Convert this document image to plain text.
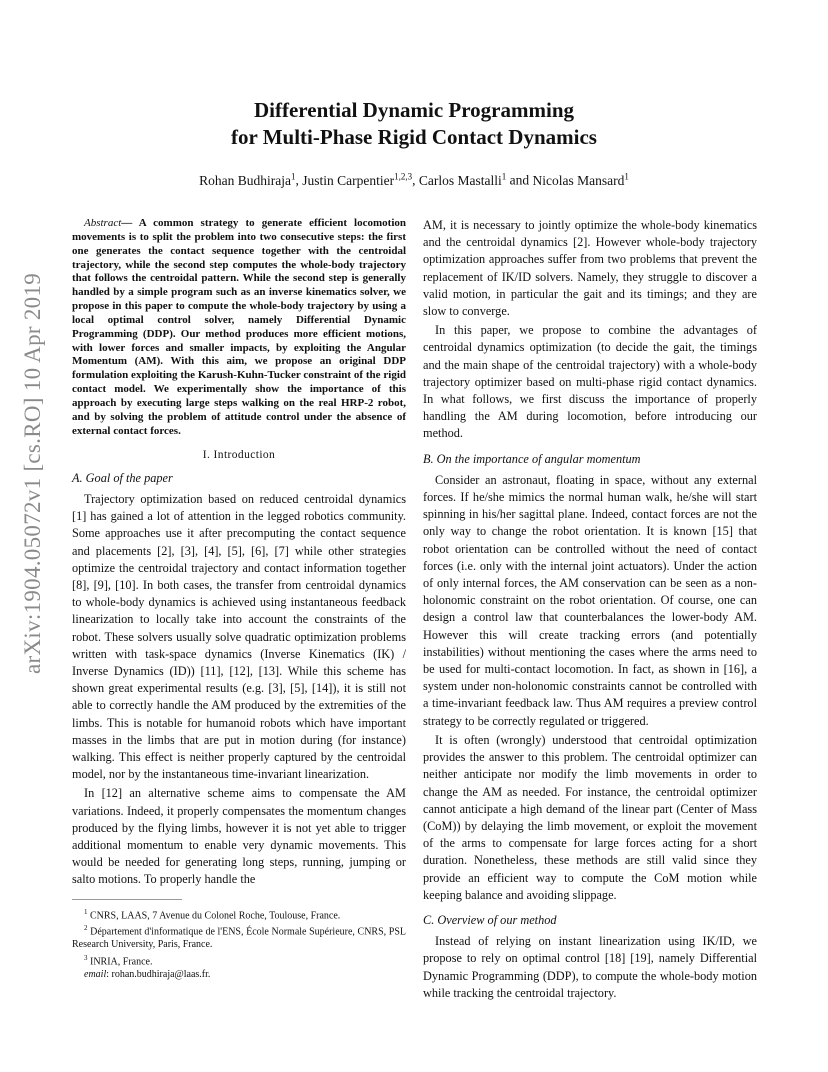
arXiv:1904.05072v1 [cs.RO] 10 Apr 2019
Differential Dynamic Programming
for Multi-Phase Rigid Contact Dynamics
Rohan Budhiraja$^1$, Justin Carpentier$^{1,2,3}$, Carlos Mastalli$^1$ and Nicolas Mansard$^1$
Abstract— A common strategy to generate efficient locomotion movements is to split the problem into two consecutive steps: the first one generates the contact sequence together with the centroidal trajectory, while the second step computes the whole-body trajectory that follows the centroidal pattern. While the second step is generally handled by a simple program such as an inverse kinematics solver, we propose in this paper to compute the whole-body trajectory by using a local optimal control solver, namely Differential Dynamic Programming (DDP). Our method produces more efficient motions, with lower forces and smaller impacts, by exploiting the Angular Momentum (AM). With this aim, we propose an original DDP formulation exploiting the Karush-Kuhn-Tucker constraint of the rigid contact model. We experimentally show the importance of this approach by executing large steps walking on the real HRP-2 robot, and by solving the problem of attitude control under the absence of external contact forces.
I. Introduction
A. Goal of the paper

Trajectory optimization based on reduced centroidal dynamics [1] has gained a lot of attention in the legged robotics community. Some approaches use it after precomputing the contact sequence and placements [2], [3], [4], [5], [6], [7] while other strategies optimize the centroidal trajectory and contact information together [8], [9], [10]. In both cases, the transfer from centroidal dynamics to whole-body dynamics is achieved using instantaneous feedback linearization to locally take into account the constraints of the robot. These solvers usually solve quadratic optimization problems written with task-space dynamics (Inverse Kinematics (IK) / Inverse Dynamics (ID)) [11], [12], [13]. While this scheme has shown great experimental results (e.g. [3], [5], [14]), it is still not able to correctly handle the AM produced by the extremities of the limbs. This is notable for humanoid robots which have important masses in the limbs that are put in motion during (for instance) walking. This effect is neither properly captured by the centroidal model, nor by the instantaneous time-invariant linearization.

In [12] an alternative scheme aims to compensate the AM variations. Indeed, it properly compensates the momentum changes produced by the flying limbs, however it is not yet able to trigger additional momentum to enable very dynamic movements. This would be needed for generating long steps, running, jumping or salto motions. To properly handle the

$^1$ CNRS, LAAS, 7 Avenue du Colonel Roche, Toulouse, France.
$^2$ Département d'informatique de l'ENS, École Normale Supérieure, CNRS, PSL Research University, Paris, France.
$^3$ INRIA, France.
email: rohan.budhiraja@laas.fr.

AM, it is necessary to jointly optimize the whole-body kinematics and the centroidal dynamics [2]. However whole-body trajectory optimization approaches suffer from two problems that prevent the replacement of IK/ID solvers. Namely, they struggle to discover a valid motion, in particular the gait and its timings; and they are slow to converge.

In this paper, we propose to combine the advantages of centroidal dynamics optimization (to decide the gait, the timings and the main shape of the centroidal trajectory) with a whole-body trajectory optimizer based on multi-phase rigid contact dynamics. In what follows, we first discuss the importance of properly handling the AM during locomotion, before introducing our method.

B. On the importance of angular momentum

Consider an astronaut, floating in space, without any external forces. If he/she mimics the normal human walk, he/she will start spinning in his/her sagittal plane. Indeed, contact forces are not the only way to change the robot orientation. It is known [15] that robot orientation can be controlled without the need of contact forces (i.e. only with the internal joint actuators). Under the action of only internal forces, the AM conservation can be seen as a non-holonomic constraint on the robot orientation. Of course, one can design a control law that counterbalances the lower-body AM. However this will create tracking errors (and potentially instabilities) without mentioning the cases where the arms need to be used for multi-contact locomotion. In fact, as shown in [16], a system under non-holonomic constraints cannot be controlled with a time-invariant feedback law. Thus AM requires a preview control strategy to be correctly regulated or triggered.

It is often (wrongly) understood that centroidal optimization provides the answer to this problem. The centroidal optimizer can neither anticipate nor modify the limb movements in order to change the AM as needed. For instance, the centroidal optimizer cannot anticipate a high demand of the linear part (Center of Mass (CoM)) by delaying the limb movement, or exploit the movement of the arms to compensate for large forces acting for a short duration. Nonetheless, these methods are still valid since they provide an efficient way to compute the CoM motion while keeping balance and avoiding slippage.

C. Overview of our method

Instead of relying on instant linearization using IK/ID, we propose to rely on optimal control [18] [19], namely Differential Dynamic Programming (DDP), to compute the whole-body motion while tracking the centroidal trajectory.
